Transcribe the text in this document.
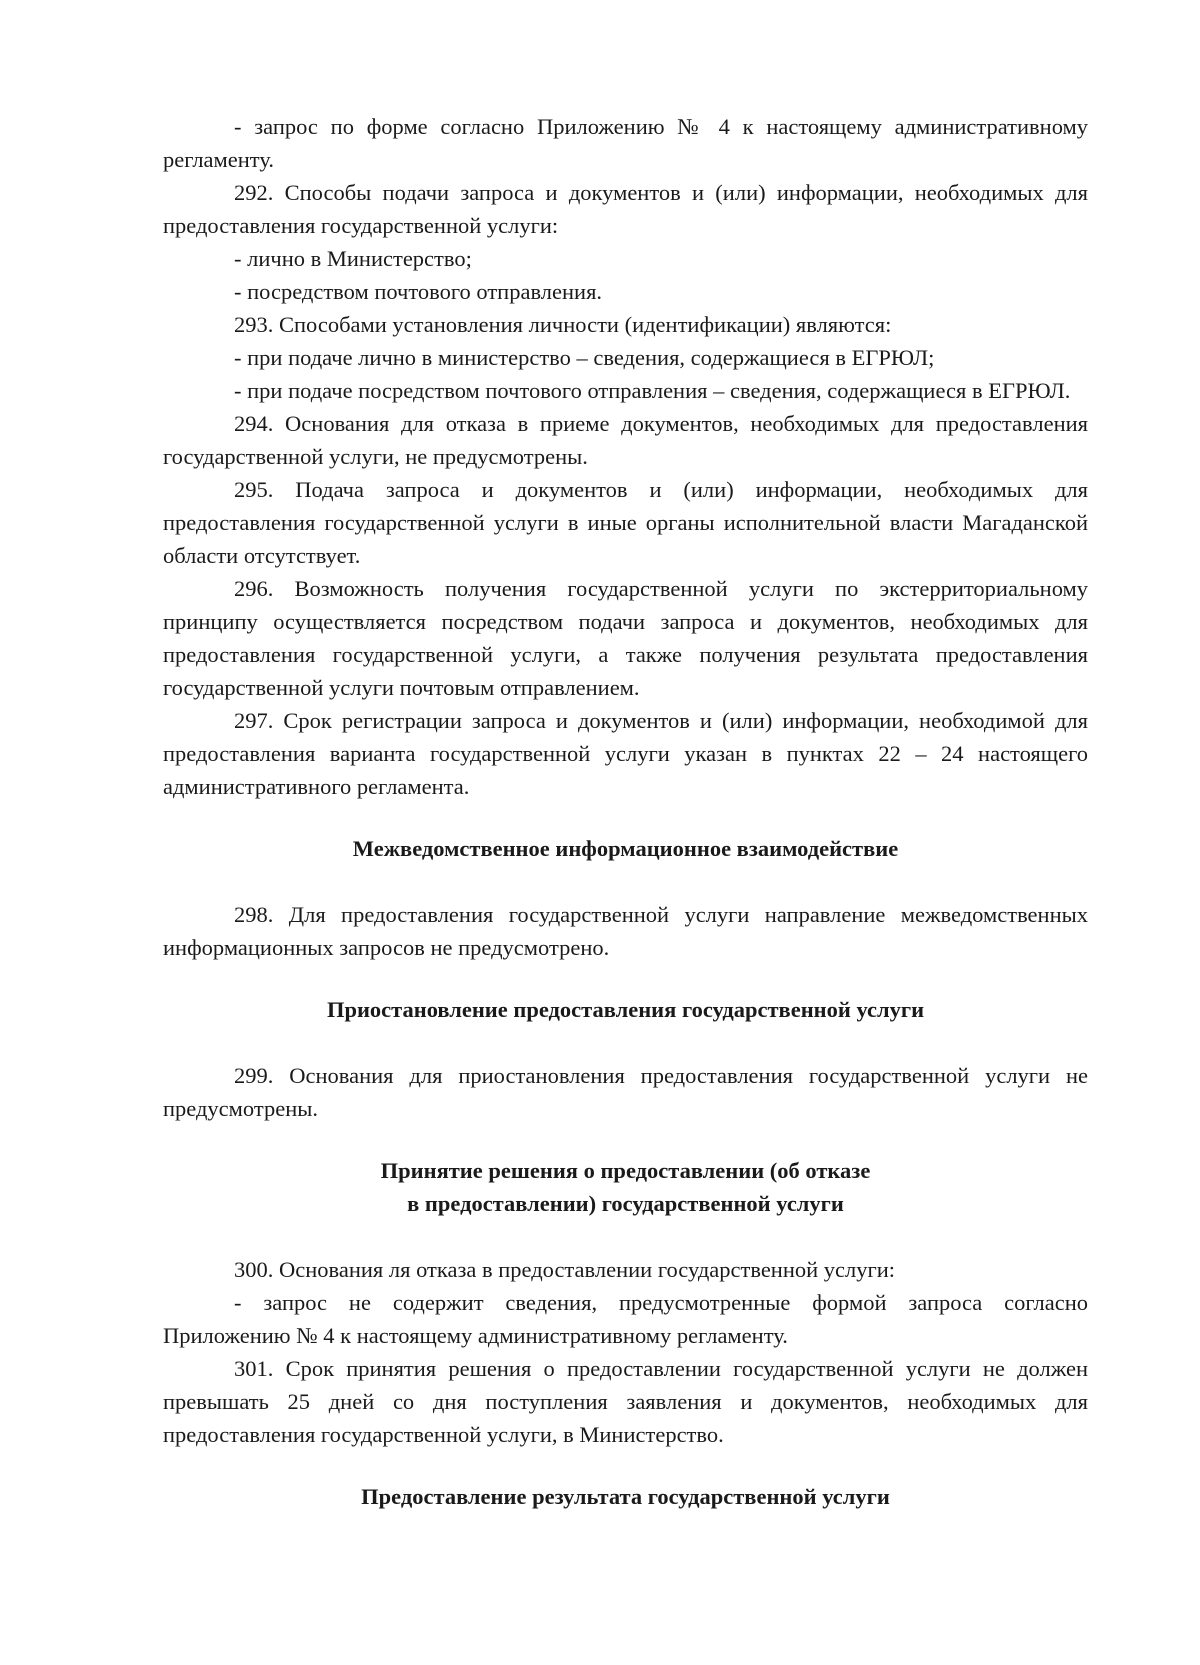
- запрос по форме согласно Приложению № 4 к настоящему административному регламенту.

292. Способы подачи запроса и документов и (или) информации, необходимых для предоставления государственной услуги:

- лично в Министерство;

- посредством почтового отправления.

293. Способами установления личности (идентификации) являются:

- при подаче лично в министерство – сведения, содержащиеся в ЕГРЮЛ;

- при подаче посредством почтового отправления – сведения, содержащиеся в ЕГРЮЛ.

294. Основания для отказа в приеме документов, необходимых для предоставления государственной услуги, не предусмотрены.

295. Подача запроса и документов и (или) информации, необходимых для предоставления государственной услуги в иные органы исполнительной власти Магаданской области отсутствует.

296. Возможность получения государственной услуги по экстерриториальному принципу осуществляется посредством подачи запроса и документов, необходимых для предоставления государственной услуги, а также получения результата предоставления государственной услуги почтовым отправлением.

297. Срок регистрации запроса и документов и (или) информации, необходимой для предоставления варианта государственной услуги указан в пунктах 22 – 24 настоящего административного регламента.

Межведомственное информационное взаимодействие

298. Для предоставления государственной услуги направление межведомственных информационных запросов не предусмотрено.

Приостановление предоставления государственной услуги

299. Основания для приостановления предоставления государственной услуги не предусмотрены.

Принятие решения о предоставлении (об отказе

в предоставлении) государственной услуги

300. Основания ля отказа в предоставлении государственной услуги:

- запрос не содержит сведения, предусмотренные формой запроса согласно Приложению № 4 к настоящему административному регламенту.

301. Срок принятия решения о предоставлении государственной услуги не должен превышать 25 дней со дня поступления заявления и документов, необходимых для предоставления государственной услуги, в Министерство.

Предоставление результата государственной услуги
